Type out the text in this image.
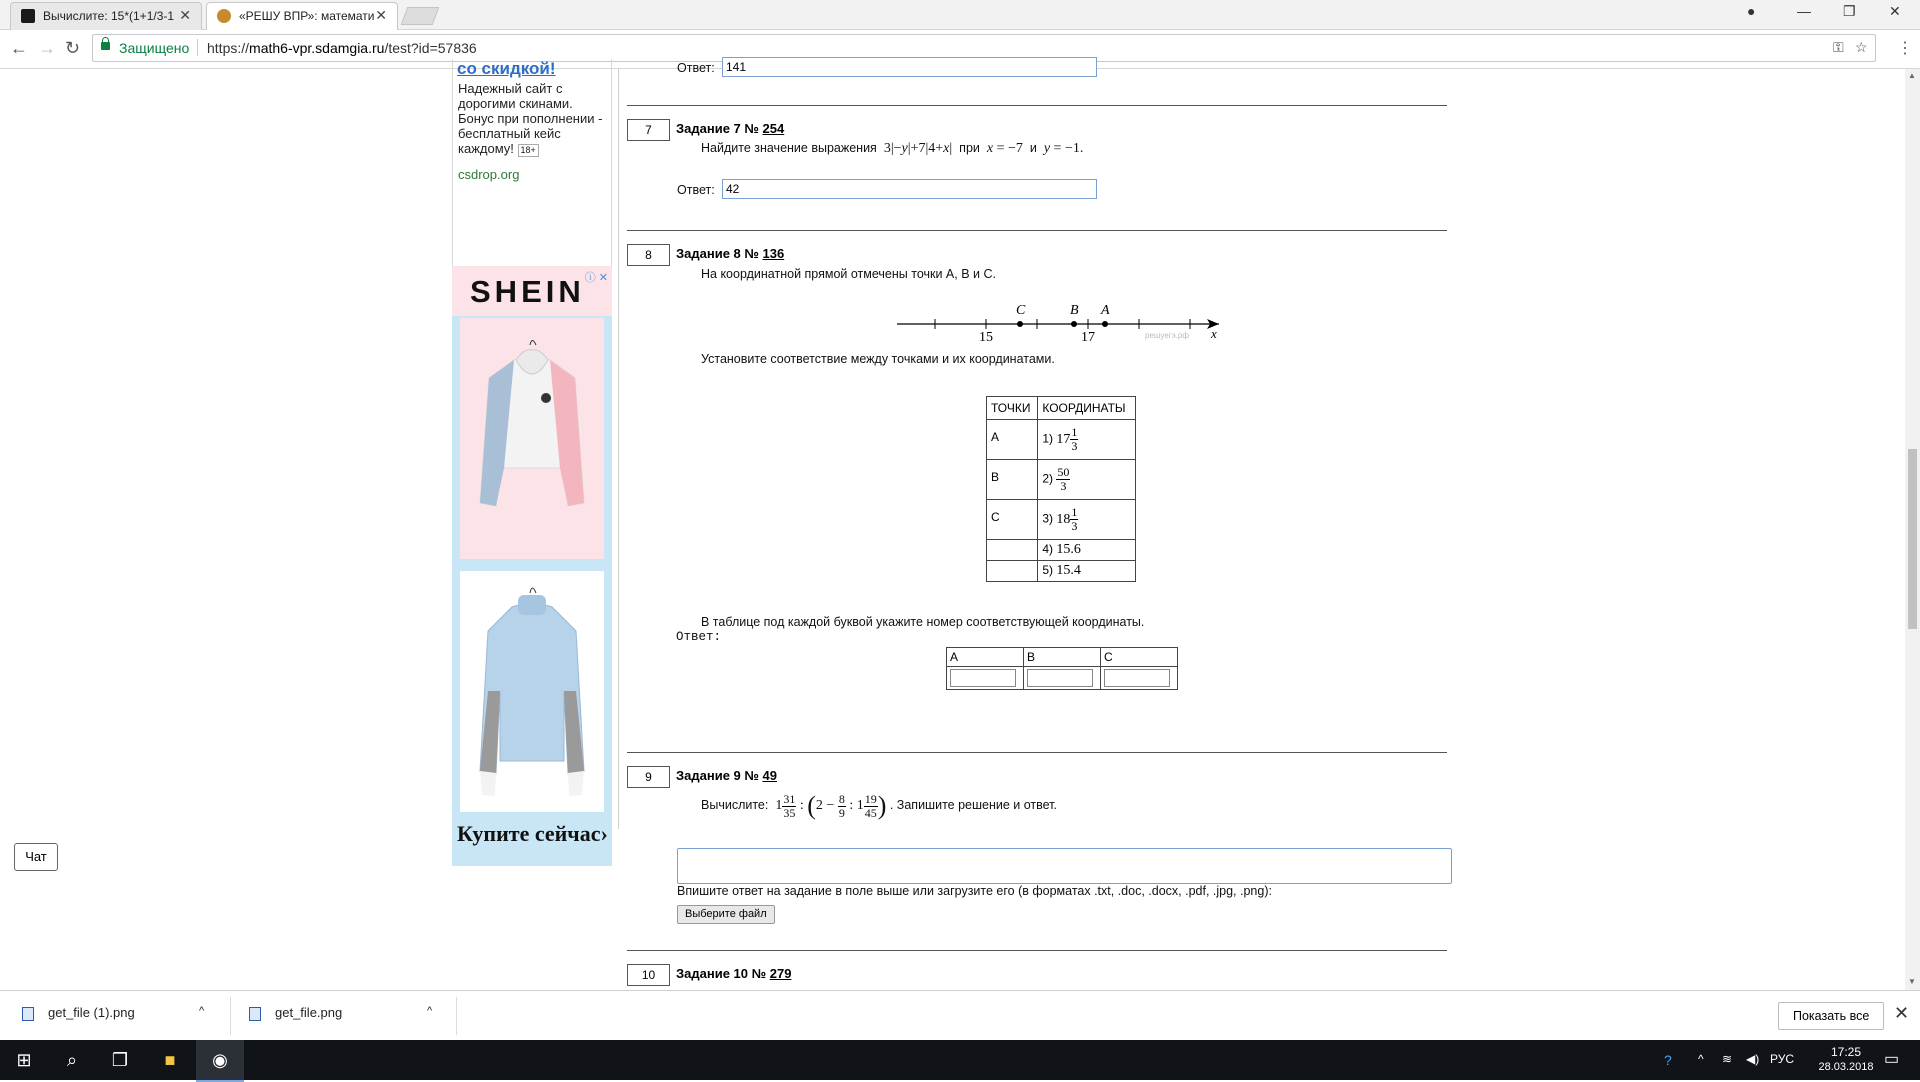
Вычислите: 15*(1+1/3-1 ✕	«РЕШУ ВПР»: математи ✕	●	— ❐ ✕
← → ↻	Защищено https://math6-vpr.sdamgia.ru/test?id=57836	⚿ ☆ ⋮
со скидкой!
Надежный сайт с дорогими скинами. Бонус при пополнении - бесплатный кейс каждому! 18+
csdrop.org
SHEIN ⓘ ✕
Купите сейчас›
Ответ: 141
7	Задание 7 № 254
Найдите значение выражения  3|−y|+7|4+x|  при x = −7  и y = −1.
Ответ: 42
8	Задание 8 № 136
На координатной прямой отмечены точки A, B и C.
C	B A
15	17	x
решуегэ.рф
Установите соответствие между точками и их координатами.
ТОЧКИ	КООРДИНАТЫ
A	1) $17 \frac{1}{3}$

B	$2) \frac{50}{3}$

C	3) $18 \frac{1}{3}$

	4) 15.6
	5) 15.4
В таблице под каждой буквой укажите номер соответствующей координаты.
Ответ:
A	B	C

9	Задание 9 № 49
Вычислите:  $1 \frac{31}{35}$ : ($2 - \frac{8}{9}$ : $1 \frac{19}{45}$ ) . Запишите решение и ответ.
Впишите ответ на задание в поле выше или загрузите его (в форматах .txt, .doc, .docx, .pdf, .jpg, .png):
Выберите файл
10	Задание 10 № 279
▲
▼
Чат
get_file (1).png	^	get_file.png	^	Показать все	✕
⊞	⌕	❐	■	◉	? ^ ≋ ◀) РУС	17:25
28.03.2018 ▭
